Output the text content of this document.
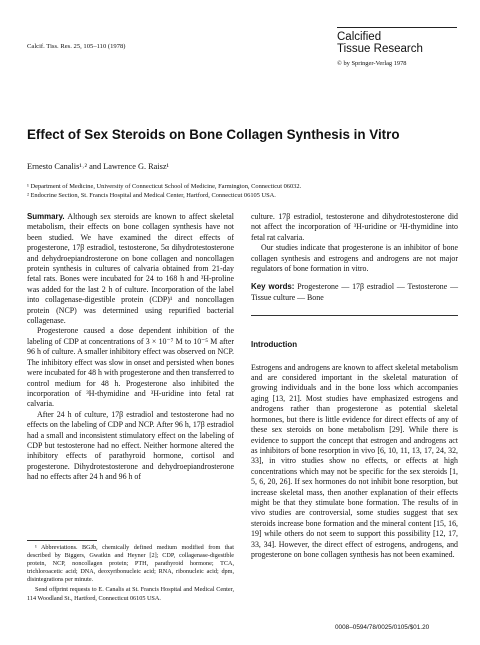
Calcif. Tiss. Res. 25, 105–110 (1978)
Calcified
Tissue Research
© by Springer-Verlag 1978
Effect of Sex Steroids on Bone Collagen Synthesis in Vitro
Ernesto Canalis¹˒² and Lawrence G. Raisz¹
¹ Department of Medicine, University of Connecticut School of Medicine, Farmington, Connecticut 06032.
² Endocrine Section, St. Francis Hospital and Medical Center, Hartford, Connecticut 06105 USA.

Summary. Although sex steroids are known to affect skeletal metabolism, their effects on bone collagen synthesis have not been studied. We have examined the direct effects of progesterone, 17β estradiol, testosterone, 5α dihydrotestosterone and dehydroepiandrosterone on bone collagen and noncollagen protein synthesis in cultures of calvaria obtained from 21-day fetal rats. Bones were incubated for 24 to 168 h and ³H-proline was added for the last 2 h of culture. Incorporation of the label into collagenase-digestible protein (CDP)¹ and noncollagen protein (NCP) was determined using repurified bacterial collagenase.

Progesterone caused a dose dependent inhibition of the labeling of CDP at concentrations of 3 × 10⁻⁷ M to 10⁻⁵ M after 96 h of culture. A smaller inhibitory effect was observed on NCP. The inhibitory effect was slow in onset and persisted when bones were incubated for 48 h with progesterone and then transferred to control medium for 48 h. Progesterone also inhibited the incorporation of ³H-thymidine and ³H-uridine into fetal rat calvaria.

After 24 h of culture, 17β estradiol and testosterone had no effects on the labeling of CDP and NCP. After 96 h, 17β estradiol had a small and inconsistent stimulatory effect on the labeling of CDP but testosterone had no effect. Neither hormone altered the inhibitory effects of parathyroid hormone, cortisol and progesterone. Dihydrotestosterone and dehydroepiandrosterone had no effects after 24 h and 96 h of

¹ Abbreviations. BGJb, chemically defined medium modified from that described by Biggers, Gwatkin and Heyner [2]; CDP, collagenase-digestible protein, NCP, noncollagen protein; PTH, parathyroid hormone; TCA, trichloroacetic acid; DNA, deoxyribonucleic acid; RNA, ribonucleic acid; dpm, disintegrations per minute.

Send offprint requests to E. Canalis at St. Francis Hospital and Medical Center, 114 Woodland St., Hartford, Connecticut 06105 USA.

culture. 17β estradiol, testosterone and dihydrotestosterone did not affect the incorporation of ³H-uridine or ³H-thymidine into fetal rat calvaria.

Our studies indicate that progesterone is an inhibitor of bone collagen synthesis and estrogens and androgens are not major regulators of bone formation in vitro.

Key words: Progesterone — 17β estradiol — Testosterone — Tissue culture — Bone

Introduction

Estrogens and androgens are known to affect skeletal metabolism and are considered important in the skeletal maturation of growing individuals and in the bone loss which accompanies aging [13, 21]. Most studies have emphasized estrogens and androgens rather than progesterone as potential skeletal hormones, but there is little evidence for direct effects of any of these sex steroids on bone metabolism [29]. While there is evidence to support the concept that estrogen and androgens act as inhibitors of bone resorption in vivo [6, 10, 11, 13, 17, 24, 32, 33], in vitro studies show no effects, or effects at high concentrations which may not be specific for the sex steroids [1, 5, 6, 20, 26]. If sex hormones do not inhibit bone resorption, but increase skeletal mass, then another explanation of their effects might be that they stimulate bone formation. The results of in vivo studies are controversial, some studies suggest that sex steroids increase bone formation and the mineral content [15, 16, 19] while others do not seem to support this possibility [12, 17, 33, 34]. However, the direct effect of estrogens, androgens, and progesterone on bone collagen synthesis has not been examined.

0008–0594/78/0025/0105/$01.20
